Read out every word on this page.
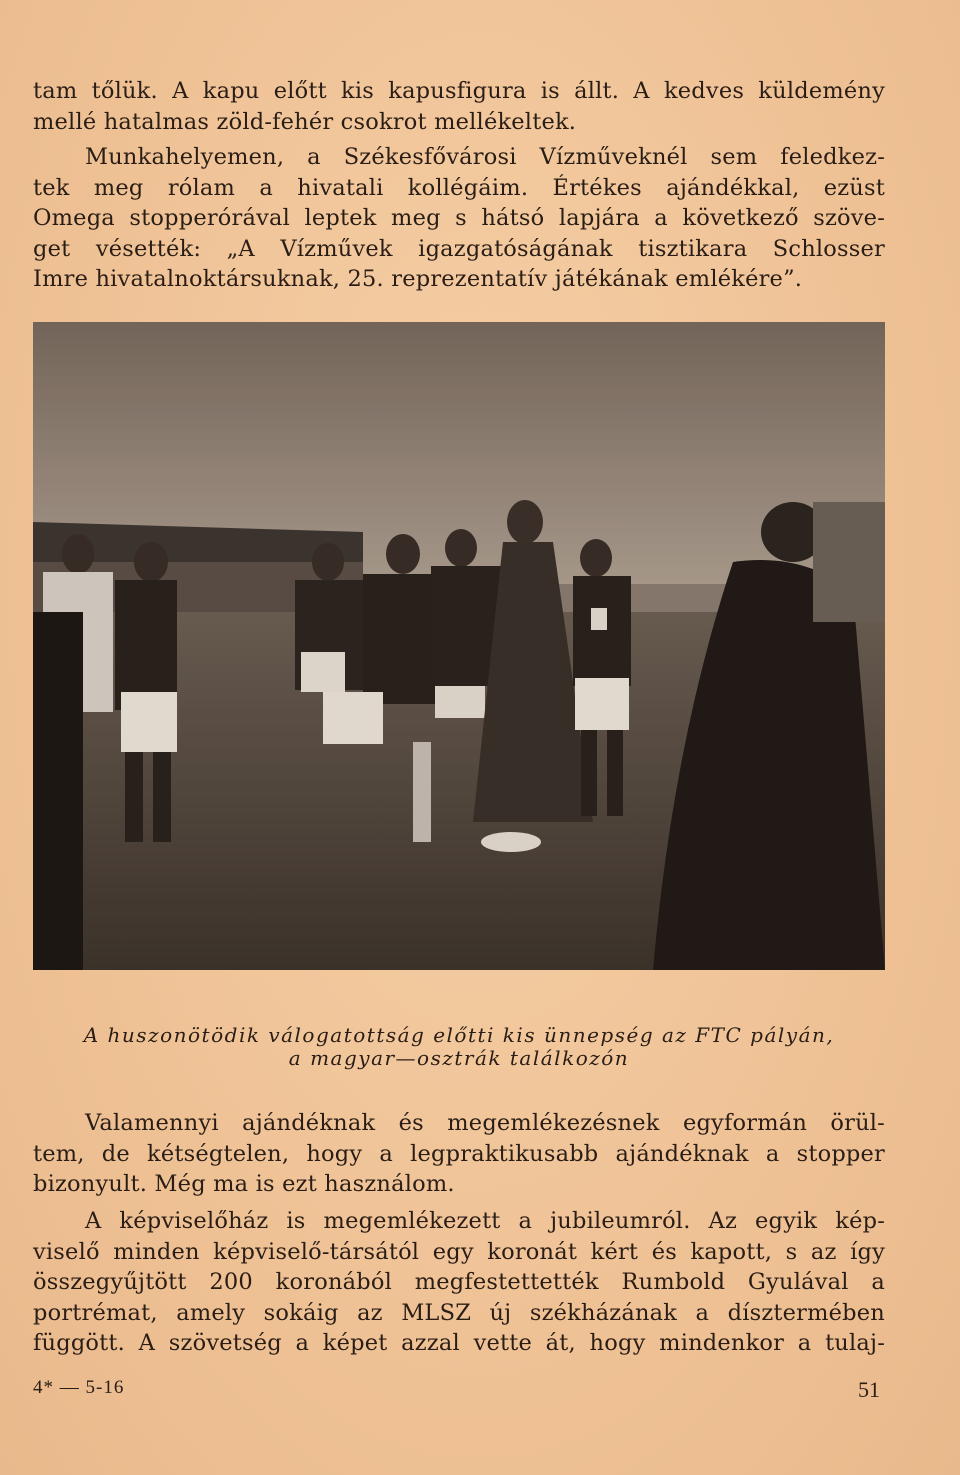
tam tőlük. A kapu előtt kis kapusfigura is állt. A kedves küldemény
mellé hatalmas zöld-fehér csokrot mellékeltek.

Munkahelyemen, a Székesfővárosi Vízműveknél sem feledkez-
tek meg rólam a hivatali kollégáim. Értékes ajándékkal, ezüst
Omega stopperórával leptek meg s hátsó lapjára a következő szöve-
get vésették: „A Vízművek igazgatóságának tisztikara Schlosser
Imre hivatalnoktársuknak, 25. reprezentatív játékának emlékére”.

A huszonötödik válogatottság előtti kis ünnepség az FTC pályán,

a magyar—osztrák találkozón

Valamennyi ajándéknak és megemlékezésnek egyformán örül-
tem, de kétségtelen, hogy a legpraktikusabb ajándéknak a stopper
bizonyult. Még ma is ezt használom.

A képviselőház is megemlékezett a jubileumról. Az egyik kép-
viselő minden képviselő-társától egy koronát kért és kapott, s az így
összegyűjtött 200 koronából megfestettették Rumbold Gyulával a
portrémat, amely sokáig az MLSZ új székházának a dísztermében
függött. A szövetség a képet azzal vette át, hogy mindenkor a tulaj-

4* — 5-16	51
